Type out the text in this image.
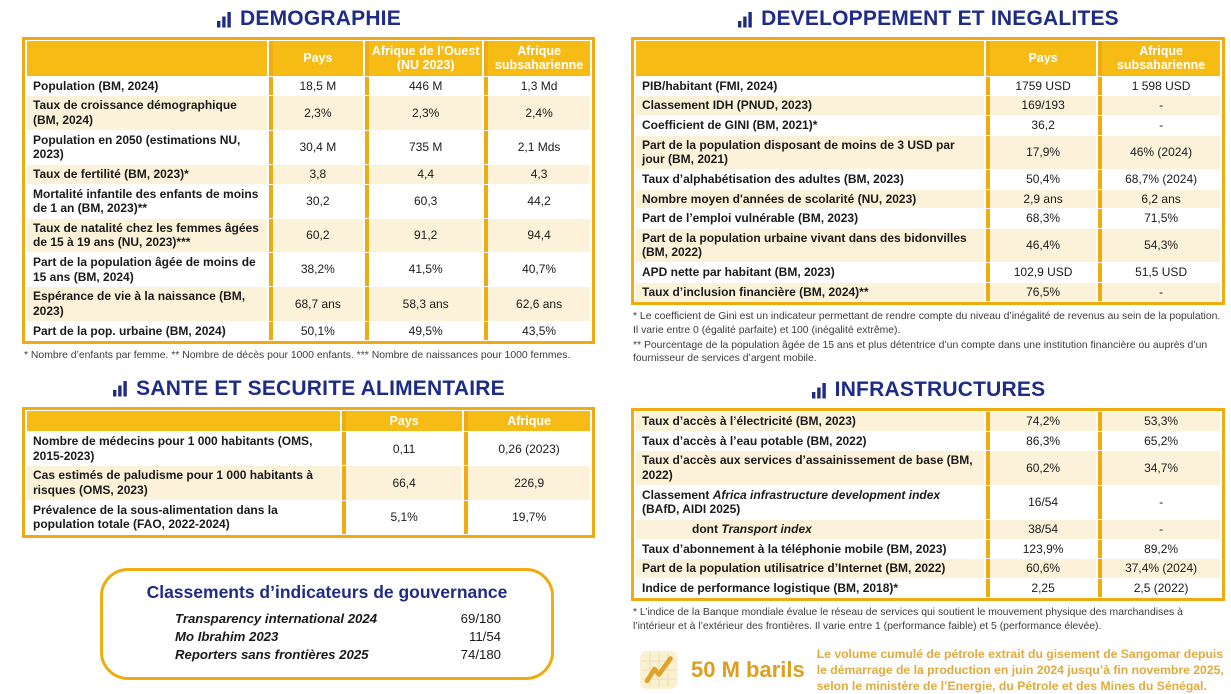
DEMOGRAPHIE
	Pays	Afrique de l’Ouest (NU 2023)	Afrique subsaharienne
Population (BM, 2024)	18,5 M	446 M	1,3 Md
Taux de croissance démographique (BM, 2024)	2,3%	2,3%	2,4%
Population en 2050 (estimations NU, 2023)	30,4 M	735 M	2,1 Mds
Taux de fertilité (BM, 2023)*	3,8	4,4	4,3
Mortalité infantile des enfants de moins de 1 an (BM, 2023)**	30,2	60,3	44,2
Taux de natalité chez les femmes âgées de 15 à 19 ans (NU, 2023)***	60,2	91,2	94,4
Part de la population âgée de moins de 15 ans (BM, 2024)	38,2%	41,5%	40,7%
Espérance de vie à la naissance (BM, 2023)	68,7 ans	58,3 ans	62,6 ans
Part de la pop. urbaine (BM, 2024)	50,1%	49,5%	43,5%
* Nombre d’enfants par femme. ** Nombre de décès pour 1000 enfants. *** Nombre de naissances pour 1000 femmes.
SANTE ET SECURITE ALIMENTAIRE
	Pays	Afrique
Nombre de médecins pour 1 000 habitants (OMS, 2015-2023)	0,11	0,26 (2023)
Cas estimés de paludisme pour 1 000 habitants à risques (OMS, 2023)	66,4	226,9
Prévalence de la sous-alimentation dans la population totale (FAO, 2022-2024)	5,1%	19,7%
Classements d’indicateurs de gouvernance
Transparency international 2024	69/180
Mo Ibrahim 2023	11/54
Reporters sans frontières 2025	74/180
DEVELOPPEMENT ET INEGALITES
	Pays	Afrique subsaharienne
PIB/habitant (FMI, 2024)	1759 USD	1 598 USD
Classement IDH (PNUD, 2023)	169/193	-
Coefficient de GINI (BM, 2021)*	36,2	-
Part de la population disposant de moins de 3 USD par jour (BM, 2021)	17,9%	46% (2024)
Taux d’alphabétisation des adultes (BM, 2023)	50,4%	68,7% (2024)
Nombre moyen d'années de scolarité (NU, 2023)	2,9 ans	6,2 ans
Part de l’emploi vulnérable (BM, 2023)	68,3%	71,5%
Part de la population urbaine vivant dans des bidonvilles (BM, 2022)	46,4%	54,3%
APD nette par habitant (BM, 2023)	102,9 USD	51,5 USD
Taux d’inclusion financière (BM, 2024)**	76,5%	-
* Le coefficient de Gini est un indicateur permettant de rendre compte du niveau d’inégalité de revenus au sein de la population. Il varie entre 0 (égalité parfaite) et 100 (inégalité extrême).
** Pourcentage de la population âgée de 15 ans et plus détentrice d’un compte dans une institution financière ou auprès d’un fournisseur de services d’argent mobile.
INFRASTRUCTURES
Taux d’accès à l’électricité (BM, 2023)	74,2%	53,3%
Taux d’accès à l’eau potable (BM, 2022)	86,3%	65,2%
Taux d’accès aux services d’assainissement de base (BM, 2022)	60,2%	34,7%
Classement Africa infrastructure development index (BAfD, AIDI 2025)	16/54	-
dont Transport index	38/54	-
Taux d’abonnement à la téléphonie mobile (BM, 2023)	123,9%	89,2%
Part de la population utilisatrice d’Internet (BM, 2022)	60,6%	37,4% (2024)
Indice de performance logistique (BM, 2018)*	2,25	2,5 (2022)
* L’indice de la Banque mondiale évalue le réseau de services qui soutient le mouvement physique des marchandises à l’intérieur et à l’extérieur des frontières. Il varie entre 1 (performance faible) et 5 (performance élevée).
50 M barils
Le volume cumulé de pétrole extrait du gisement de Sangomar depuis le démarrage de la production en juin 2024 jusqu’à fin novembre 2025, selon le ministère de l’Energie, du Pétrole et des Mines du Sénégal.
